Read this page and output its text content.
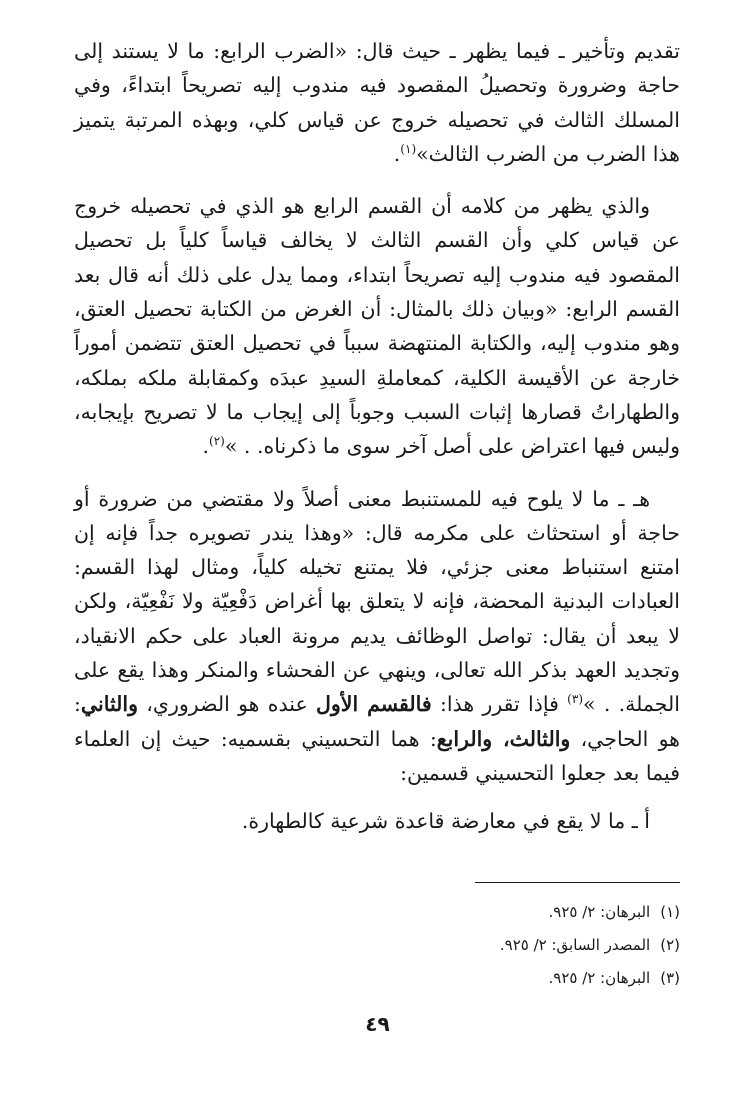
تقديم وتأخير ـ فيما يظهر ـ حيث قال: «الضرب الرابع: ما لا يستند إلى حاجة وضرورة وتحصيلُ المقصود فيه مندوب إليه تصريحاً ابتداءً، وفي المسلك الثالث في تحصيله خروج عن قياس كلي، وبهذه المرتبة يتميز هذا الضرب من الضرب الثالث»$^{(١)}$.

والذي يظهر من كلامه أن القسم الرابع هو الذي في تحصيله خروج عن قياس كلي وأن القسم الثالث لا يخالف قياساً كلياً بل تحصيل المقصود فيه مندوب إليه تصريحاً ابتداء، ومما يدل على ذلك أنه قال بعد القسم الرابع: «وبيان ذلك بالمثال: أن الغرض من الكتابة تحصيل العتق، وهو مندوب إليه، والكتابة المنتهضة سبباً في تحصيل العتق تتضمن أموراً خارجة عن الأقيسة الكلية، كمعاملةِ السيدِ عبدَه وكمقابلة ملكه بملكه، والطهاراتُ قصارها إثبات السبب وجوباً إلى إيجاب ما لا تصريح بإيجابه، وليس فيها اعتراض على أصل آخر سوى ما ذكرناه. . »$^{(٢)}$.

هـ ـ ما لا يلوح فيه للمستنبط معنى أصلاً ولا مقتضي من ضرورة أو حاجة أو استحثاث على مكرمه قال: «وهذا يندر تصويره جداً فإنه إن امتنع استنباط معنى جزئي، فلا يمتنع تخيله كلياً، ومثال لهذا القسم: العبادات البدنية المحضة، فإنه لا يتعلق بها أغراض دَفْعِيّة ولا نَفْعِيّة، ولكن لا يبعد أن يقال: تواصل الوظائف يديم مرونة العباد على حكم الانقياد، وتجديد العهد بذكر الله تعالى، وينهي عن الفحشاء والمنكر وهذا يقع على الجملة. . »$^{(٣)}$ فإذا تقرر هذا: فالقسم الأول عنده هو الضروري، والثاني: هو الحاجي، والثالث، والرابع: هما التحسيني بقسميه: حيث إن العلماء فيما بعد جعلوا التحسيني قسمين:

أ ـ ما لا يقع في معارضة قاعدة شرعية كالطهارة.

(١)البرهان: ٢/ ٩٢٥.
(٢)المصدر السابق: ٢/ ٩٢٥.
(٣)البرهان: ٢/ ٩٢٥.
٤٩
